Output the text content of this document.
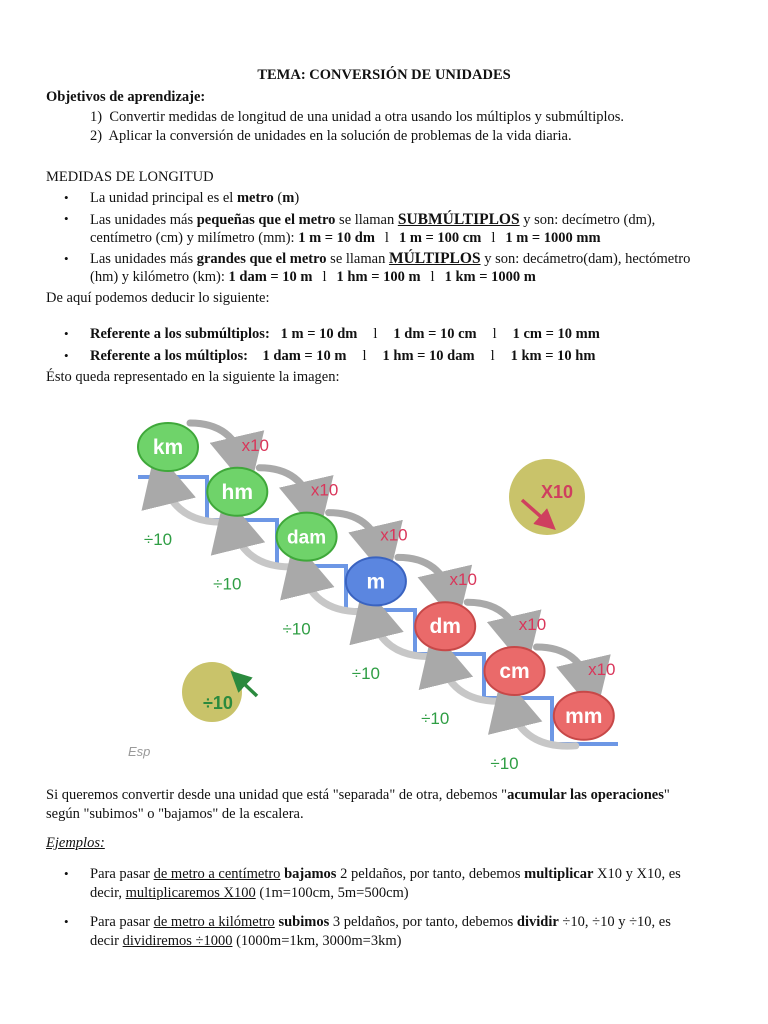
TEMA: CONVERSIÓN DE UNIDADES
Objetivos de aprendizaje:
1) Convertir medidas de longitud de una unidad a otra usando los múltiplos y submúltiplos.
2) Aplicar la conversión de unidades en la solución de problemas de la vida diaria.
MEDIDAS DE LONGITUD
• La unidad principal es el metro (m)
• Las unidades más pequeñas que el metro se llaman SUBMÚLTIPLOS y son: decímetro (dm),
centímetro (cm) y milímetro (mm): 1 m = 10 dm l 1 m = 100 cm l 1 m = 1000 mm
• Las unidades más grandes que el metro se llaman MÚLTIPLOS y son: decámetro(dam), hectómetro
(hm) y kilómetro (km): 1 dam = 10 m l 1 hm = 100 m l 1 km = 1000 m
De aquí podemos deducir lo siguiente:
• Referente a los submúltiplos: 1 m = 10 dm l 1 dm = 10 cm l 1 cm = 10 mm
• Referente a los múltiplos: 1 dam = 10 m l 1 hm = 10 dam l 1 km = 10 hm
Ésto queda representado en la siguiente la imagen:
X10
÷10
Esp
x10
÷10
x10
÷10
x10
÷10
x10
÷10
x10
÷10
x10
÷10
km
hm
dam
m
dm
cm
mm
Si queremos convertir desde una unidad que está "separada" de otra, debemos "acumular las operaciones"
según "subimos" o "bajamos" de la escalera.
Ejemplos:
• Para pasar de metro a centímetro bajamos 2 peldaños, por tanto, debemos multiplicar X10 y X10, es
decir, multiplicaremos X100 (1m=100cm, 5m=500cm)
• Para pasar de metro a kilómetro subimos 3 peldaños, por tanto, debemos dividir ÷10, ÷10 y ÷10, es
decir dividiremos ÷1000 (1000m=1km, 3000m=3km)
